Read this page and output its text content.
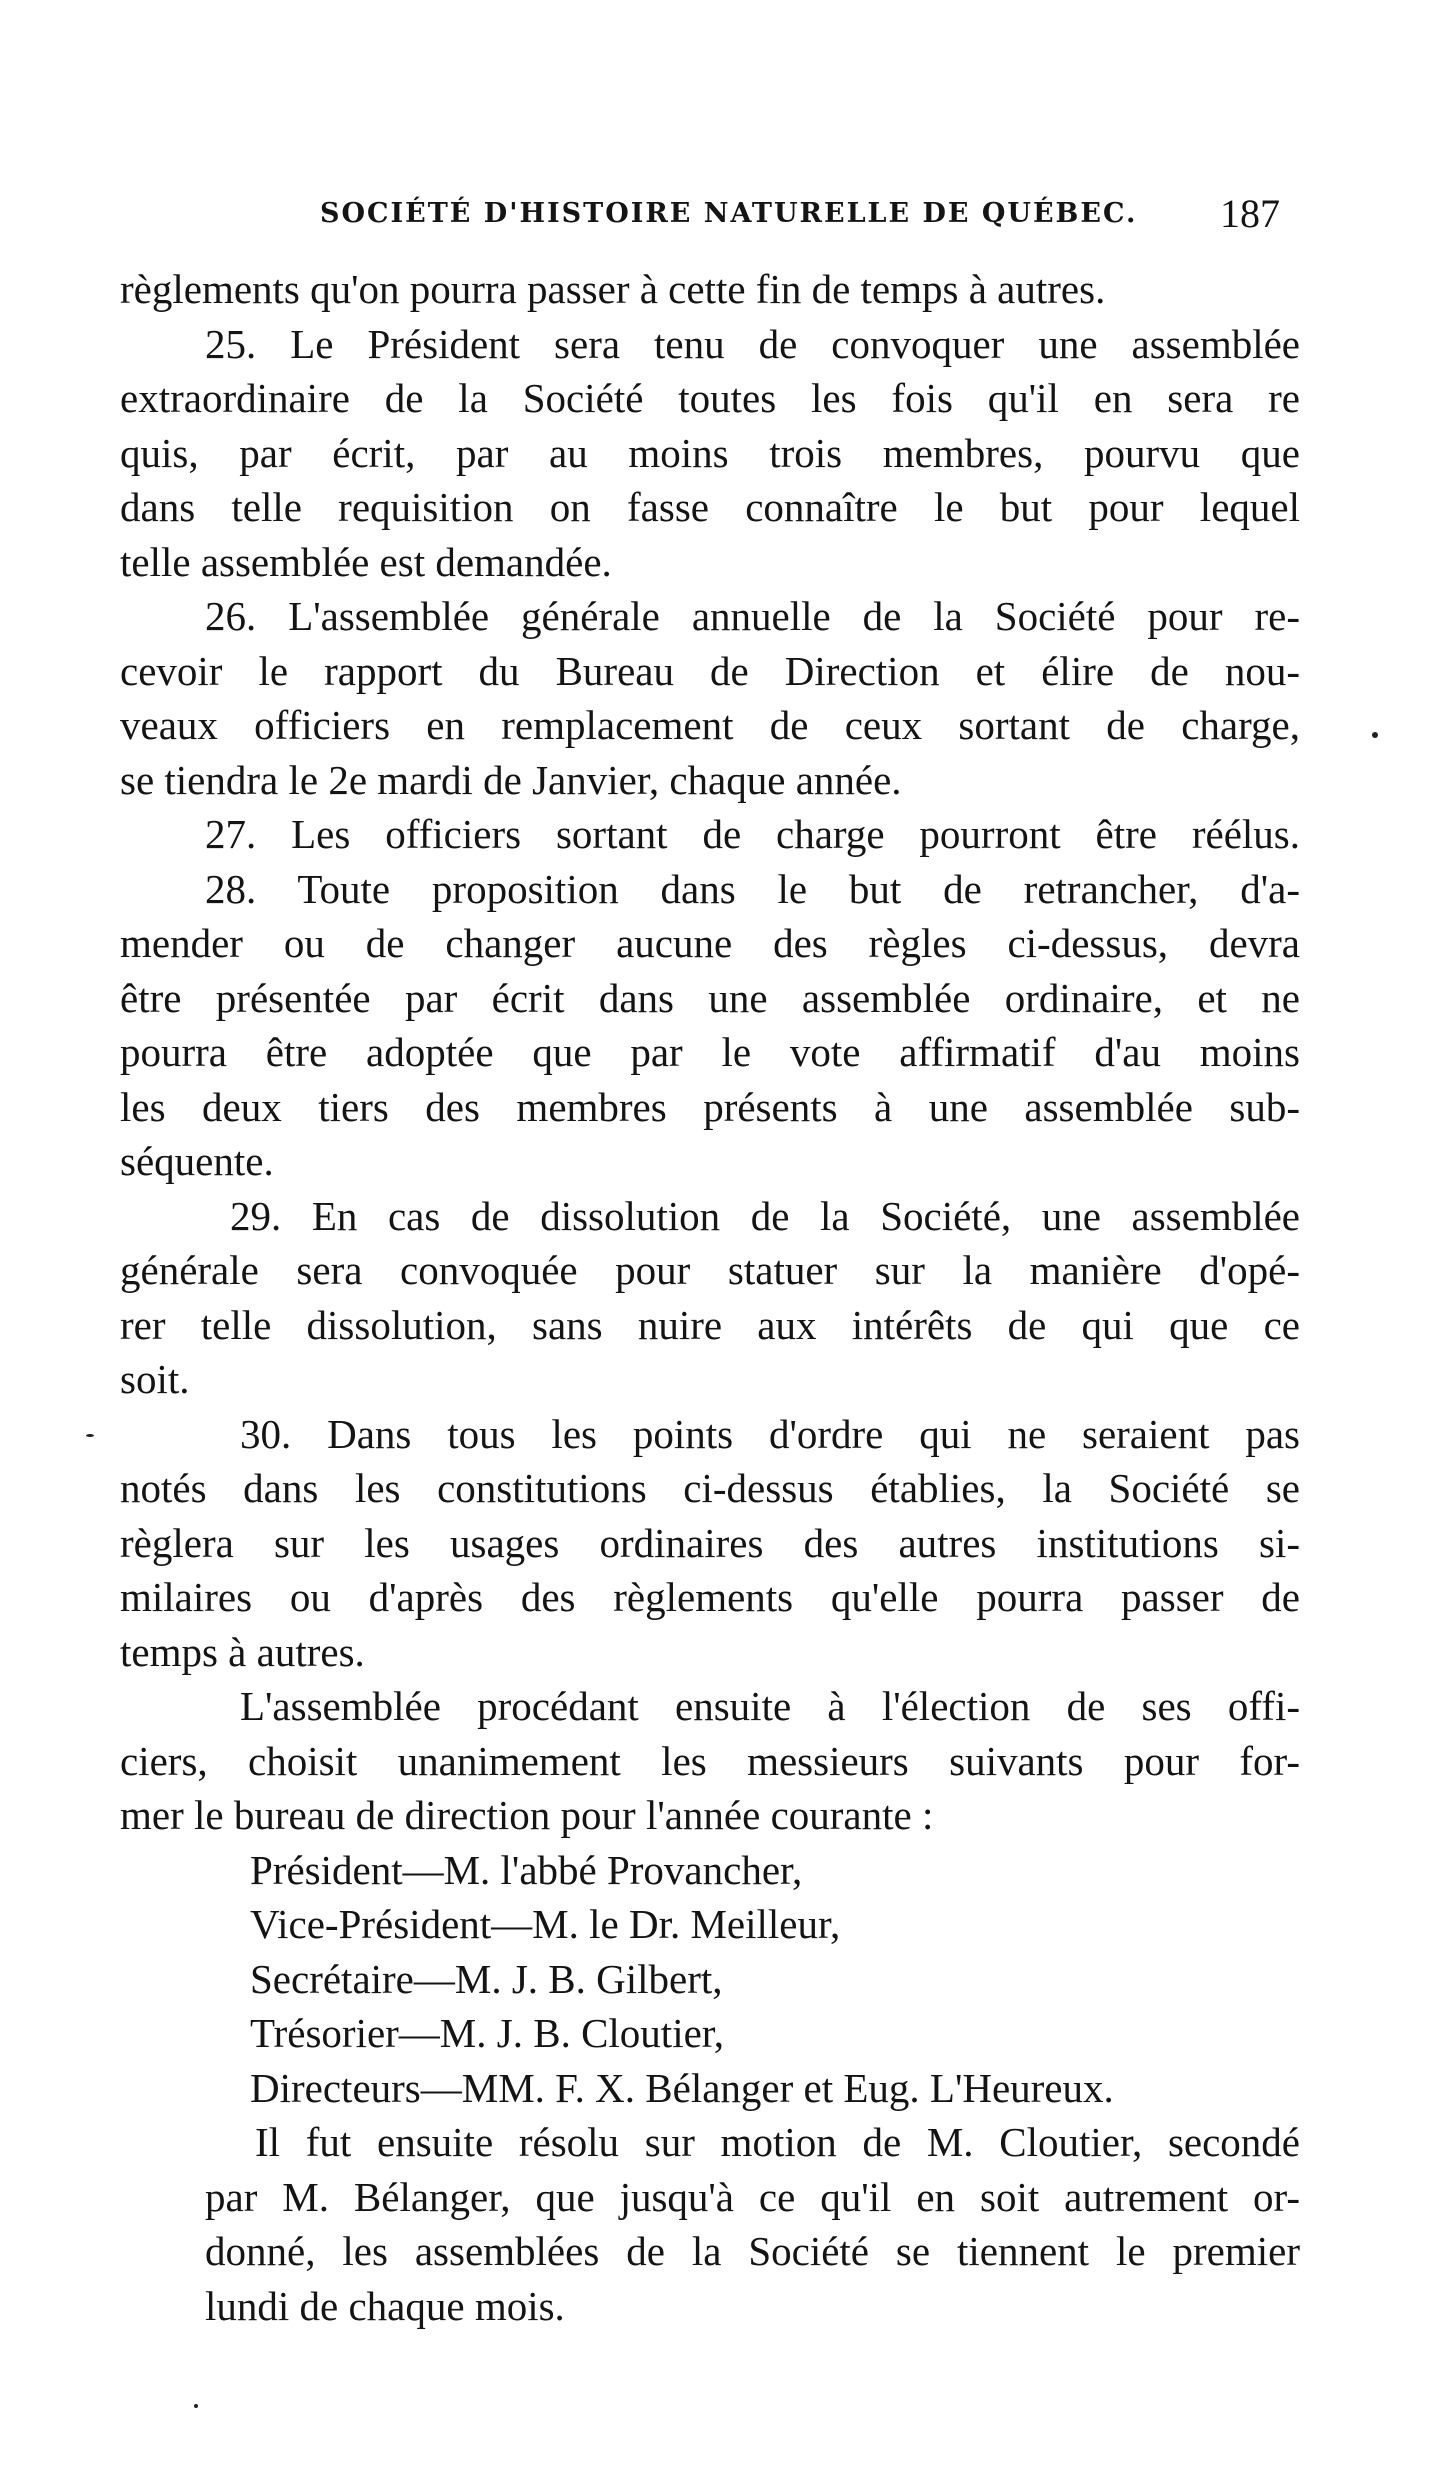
SOCIÉTÉ D'HISTOIRE NATURELLE DE QUÉBEC. 187
règlements qu'on pourra passer à cette fin de temps à autres.
25. Le Président sera tenu de convoquer une assemblée
extraordinaire de la Société toutes les fois qu'il en sera re
quis, par écrit, par au moins trois membres, pourvu que
dans telle requisition on fasse connaître le but pour lequel
telle assemblée est demandée.
26. L'assemblée générale annuelle de la Société pour re-
cevoir le rapport du Bureau de Direction et élire de nou-
veaux officiers en remplacement de ceux sortant de charge,
se tiendra le 2e mardi de Janvier, chaque année.
27. Les officiers sortant de charge pourront être réélus.
28. Toute proposition dans le but de retrancher, d'a-
mender ou de changer aucune des règles ci-dessus, devra
être présentée par écrit dans une assemblée ordinaire, et ne
pourra être adoptée que par le vote affirmatif d'au moins
les deux tiers des membres présents à une assemblée sub-
séquente.
29. En cas de dissolution de la Société, une assemblée
générale sera convoquée pour statuer sur la manière d'opé-
rer telle dissolution, sans nuire aux intérêts de qui que ce
soit.
30. Dans tous les points d'ordre qui ne seraient pas
notés dans les constitutions ci-dessus établies, la Société se
règlera sur les usages ordinaires des autres institutions si-
milaires ou d'après des règlements qu'elle pourra passer de
temps à autres.
L'assemblée procédant ensuite à l'élection de ses offi-
ciers, choisit unanimement les messieurs suivants pour for-
mer le bureau de direction pour l'année courante :
Président—M. l'abbé Provancher,
Vice-Président—M. le Dr. Meilleur,
Secrétaire—M. J. B. Gilbert,
Trésorier—M. J. B. Cloutier,
Directeurs—MM. F. X. Bélanger et Eug. L'Heureux.
Il fut ensuite résolu sur motion de M. Cloutier, secondé
par M. Bélanger, que jusqu'à ce qu'il en soit autrement or-
donné, les assemblées de la Société se tiennent le premier
lundi de chaque mois.
